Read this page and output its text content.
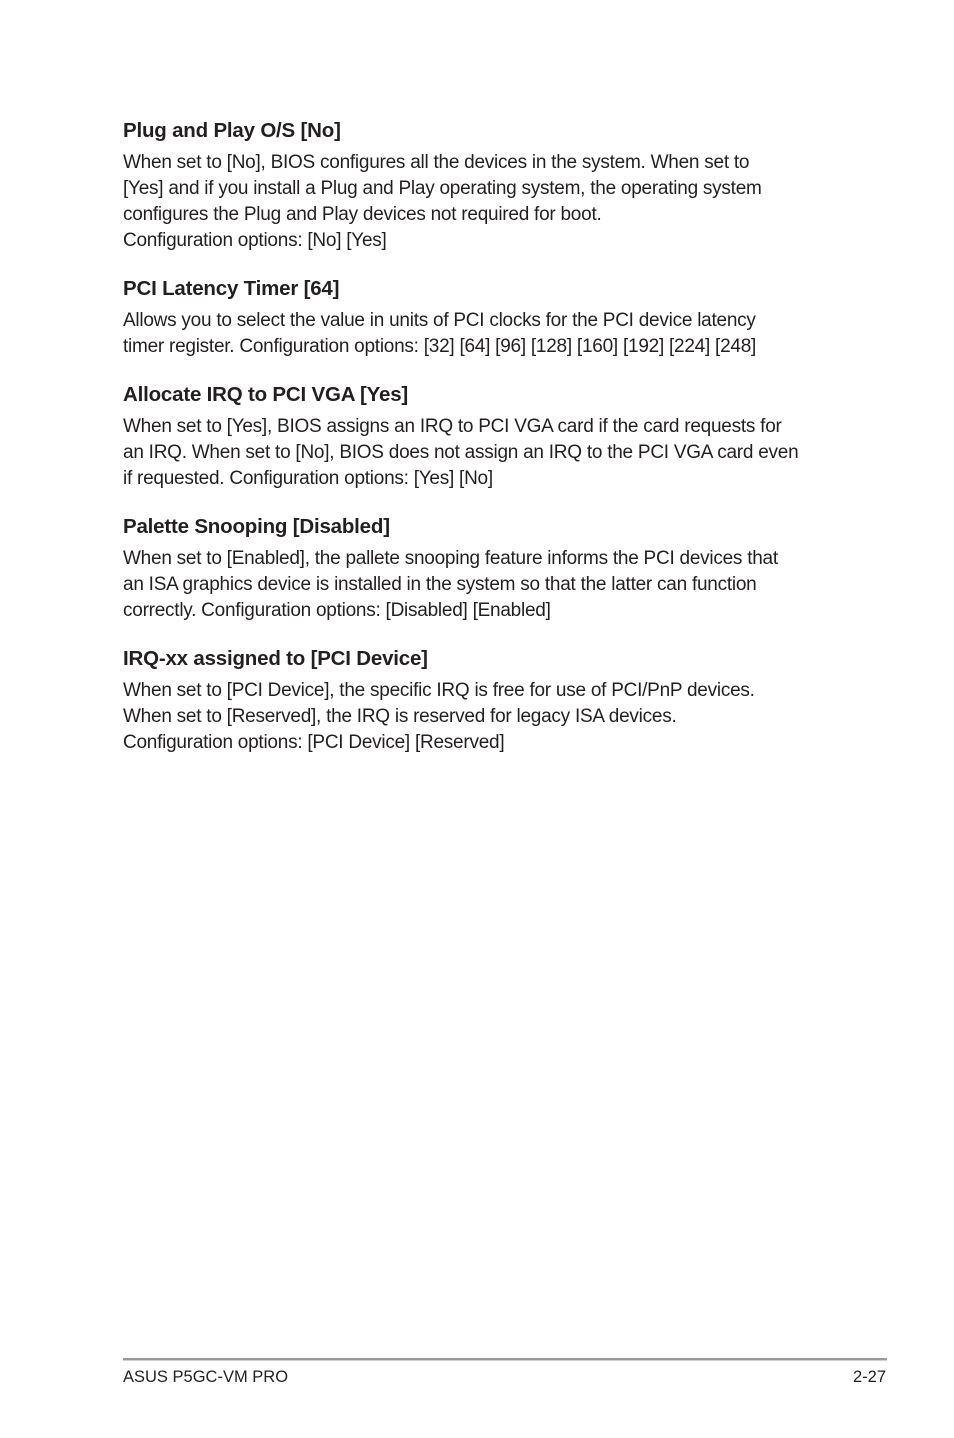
Plug and Play O/S [No]

When set to [No], BIOS configures all the devices in the system. When set to
[Yes] and if you install a Plug and Play operating system, the operating system
configures the Plug and Play devices not required for boot.
Configuration options: [No] [Yes]

PCI Latency Timer [64]

Allows you to select the value in units of PCI clocks for the PCI device latency
timer register. Configuration options: [32] [64] [96] [128] [160] [192] [224] [248]

Allocate IRQ to PCI VGA [Yes]

When set to [Yes], BIOS assigns an IRQ to PCI VGA card if the card requests for
an IRQ. When set to [No], BIOS does not assign an IRQ to the PCI VGA card even
if requested. Configuration options: [Yes] [No]

Palette Snooping [Disabled]

When set to [Enabled], the pallete snooping feature informs the PCI devices that
an ISA graphics device is installed in the system so that the latter can function
correctly. Configuration options: [Disabled] [Enabled]

IRQ-xx assigned to [PCI Device]

When set to [PCI Device], the specific IRQ is free for use of PCI/PnP devices.
When set to [Reserved], the IRQ is reserved for legacy ISA devices.
Configuration options: [PCI Device] [Reserved]

ASUS P5GC-VM PRO	2-27
